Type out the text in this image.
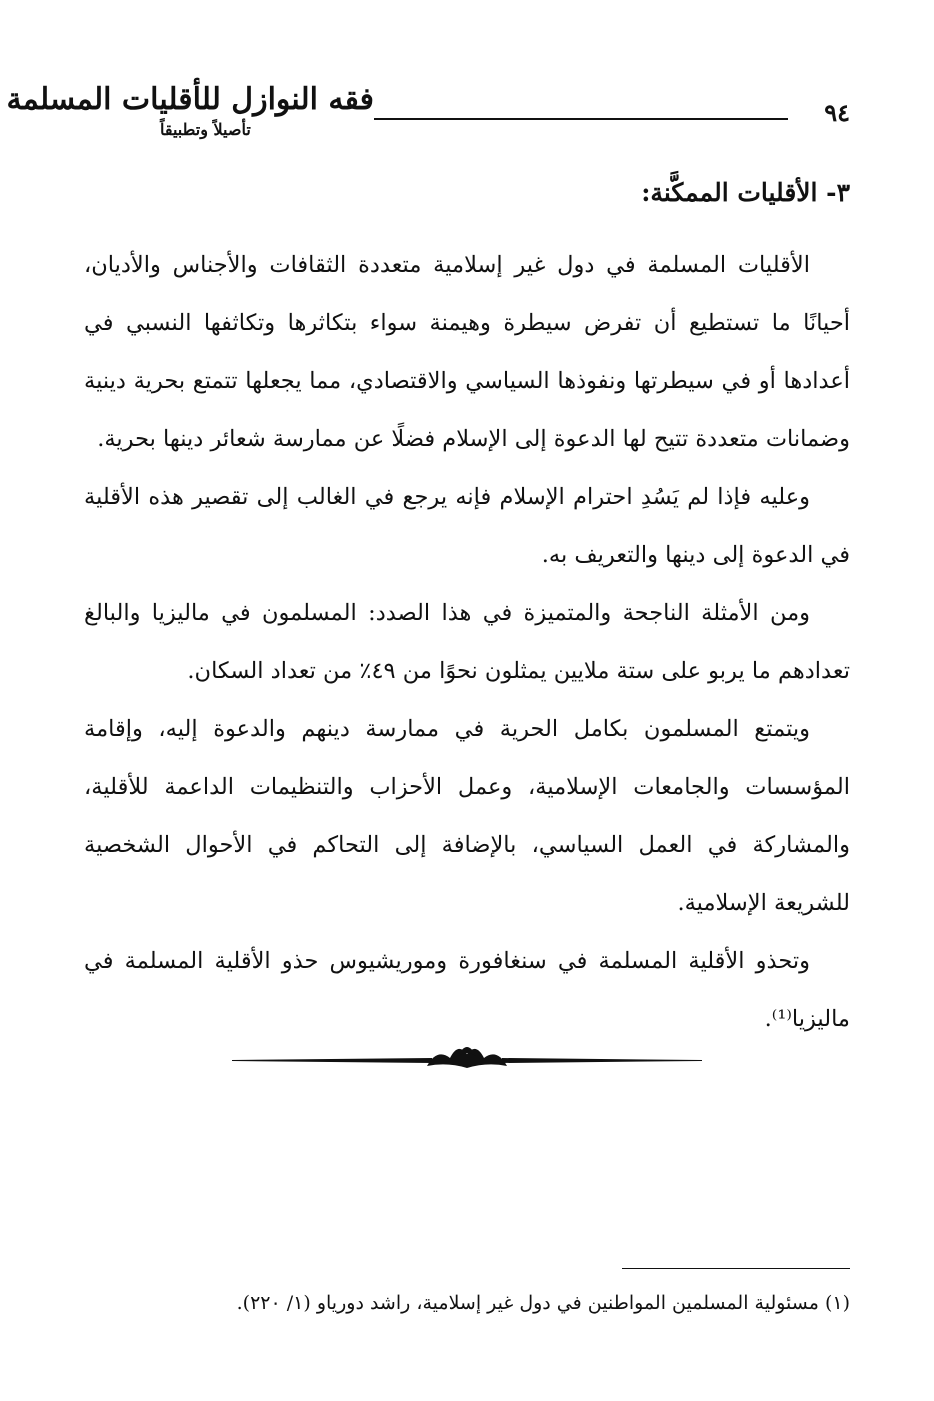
٩٤
فقه النوازل للأقليات المسلمة
تأصيلاً وتطبيقاً
٣- الأقليات الممكَّنة:

الأقليات المسلمة في دول غير إسلامية متعددة الثقافات والأجناس والأديان، أحيانًا ما تستطيع أن تفرض سيطرة وهيمنة سواء بتكاثرها وتكاثفها النسبي في أعدادها أو في سيطرتها ونفوذها السياسي والاقتصادي، مما يجعلها تتمتع بحرية دينية وضمانات متعددة تتيح لها الدعوة إلى الإسلام فضلًا عن ممارسة شعائر دينها بحرية.

وعليه فإذا لم يَسُدِ احترام الإسلام فإنه يرجع في الغالب إلى تقصير هذه الأقلية في الدعوة إلى دينها والتعريف به.

ومن الأمثلة الناجحة والمتميزة في هذا الصدد: المسلمون في ماليزيا والبالغ تعدادهم ما يربو على ستة ملايين يمثلون نحوًا من ٤٩٪ من تعداد السكان.

ويتمتع المسلمون بكامل الحرية في ممارسة دينهم والدعوة إليه، وإقامة المؤسسات والجامعات الإسلامية، وعمل الأحزاب والتنظيمات الداعمة للأقلية، والمشاركة في العمل السياسي، بالإضافة إلى التحاكم في الأحوال الشخصية للشريعة الإسلامية.

وتحذو الأقلية المسلمة في سنغافورة وموريشيوس حذو الأقلية المسلمة في ماليزيا⁽¹⁾.

(١) مسئولية المسلمين المواطنين في دول غير إسلامية، راشد دورياو (١/ ٢٢٠).
